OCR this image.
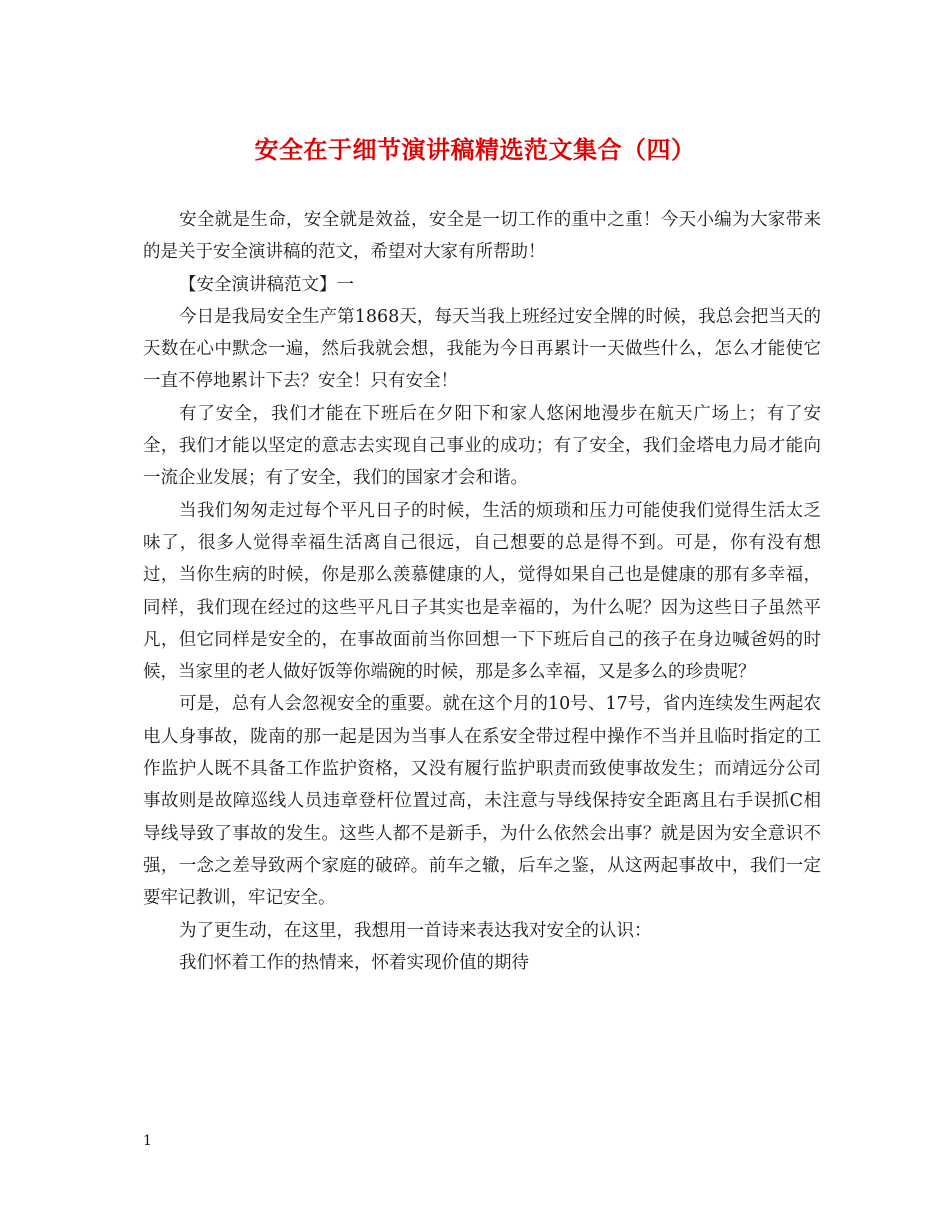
安全在于细节演讲稿精选范文集合（四）

安全就是生命，安全就是效益，安全是一切工作的重中之重！今天小编为大家带来的是关于安全演讲稿的范文，希望对大家有所帮助！

【安全演讲稿范文】一

今日是我局安全生产第1868天，每天当我上班经过安全牌的时候，我总会把当天的天数在心中默念一遍，然后我就会想，我能为今日再累计一天做些什么，怎么才能使它一直不停地累计下去？安全！只有安全！

有了安全，我们才能在下班后在夕阳下和家人悠闲地漫步在航天广场上；有了安全，我们才能以坚定的意志去实现自己事业的成功；有了安全，我们金塔电力局才能向一流企业发展；有了安全，我们的国家才会和谐。

当我们匆匆走过每个平凡日子的时候，生活的烦琐和压力可能使我们觉得生活太乏味了，很多人觉得幸福生活离自己很远，自己想要的总是得不到。可是，你有没有想过，当你生病的时候，你是那么羡慕健康的人，觉得如果自己也是健康的那有多幸福，同样，我们现在经过的这些平凡日子其实也是幸福的，为什么呢？因为这些日子虽然平凡，但它同样是安全的，在事故面前当你回想一下下班后自己的孩子在身边喊爸妈的时候，当家里的老人做好饭等你端碗的时候，那是多么幸福，又是多么的珍贵呢？

可是，总有人会忽视安全的重要。就在这个月的10号、17号，省内连续发生两起农电人身事故，陇南的那一起是因为当事人在系安全带过程中操作不当并且临时指定的工作监护人既不具备工作监护资格，又没有履行监护职责而致使事故发生；而靖远分公司事故则是故障巡线人员违章登杆位置过高，未注意与导线保持安全距离且右手误抓C相导线导致了事故的发生。这些人都不是新手，为什么依然会出事？就是因为安全意识不强，一念之差导致两个家庭的破碎。前车之辙，后车之鉴，从这两起事故中，我们一定要牢记教训，牢记安全。

为了更生动，在这里，我想用一首诗来表达我对安全的认识：

我们怀着工作的热情来，怀着实现价值的期待

1
